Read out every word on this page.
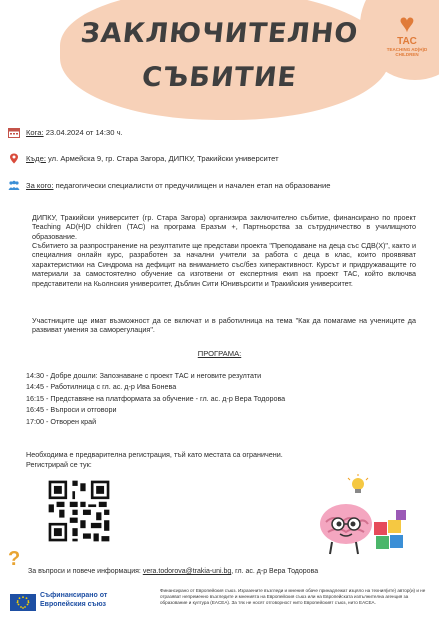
ЗАКЛЮЧИТЕЛНО
СЪБИТИЕ
♥
TAC
TEACHING AD(H)D
CHILDREN
Кога: 23.04.2024 от 14:30 ч.
Къде: ул. Армейска 9, гр. Стара Загора, ДИПКУ, Тракийски университет
За кого: педагогически специалисти от предучилищен и начален етап на образование
ДИПКУ, Тракийски университет (гр. Стара Загора) организира заключително събитие, финансирано по проект Teaching AD(H)D children (TAC) на програма Еразъм +, Партньорства за сътрудничество в училищното образование.
Събитието за разпространение на резултатите ще представи проекта "Преподаване на деца със СДВ(Х)", както и специалния онлайн курс, разработен за начални учители за работа с деца в клас, които проявяват характеристики на Синдрома на дефицит на вниманието със/без хиперактивност. Курсът и придружаващите го материали за самостоятелно обучение са изготвени от експертния екип на проект ТАС, който включва представители на Кьолнския университет, Дъблин Сити Юнивърсити и Тракийския университет.
Участниците ще имат възможност да се включат и в работилница на тема "Как да помагаме на учениците да развиват умения за саморегулация".
ПРОГРАМА:
14:30 - Добре дошли: Запознаване с проект ТАС и неговите резултати
14:45 - Работилница с гл. ас. д-р Ива Бонева
16:15 - Представяне на платформата за обучение - гл. ас. д-р Вера Тодорова
16:45 - Въпроси и отговори
17:00 - Отворен край
Необходима е предварителна регистрация, тъй като местата са ограничени.
Регистрирай се тук:
?
За въпроси и повече информация: vera.todorova@trakia-uni.bg, гл. ас. д-р Вера Тодорова
Съфинансирано от
Европейския съюз
Финансирано от Европейския съюз. Изразените възгледи и мнения обаче принадлежат изцяло на техния(ите) автор(и) и не отразяват непременно възгледите и мненията на Европейския съюз или на Европейската изпълнителна агенция за образование и култура (EACEA). За тях не носят отговорност нито Европейският съюз, нито EACEA.
